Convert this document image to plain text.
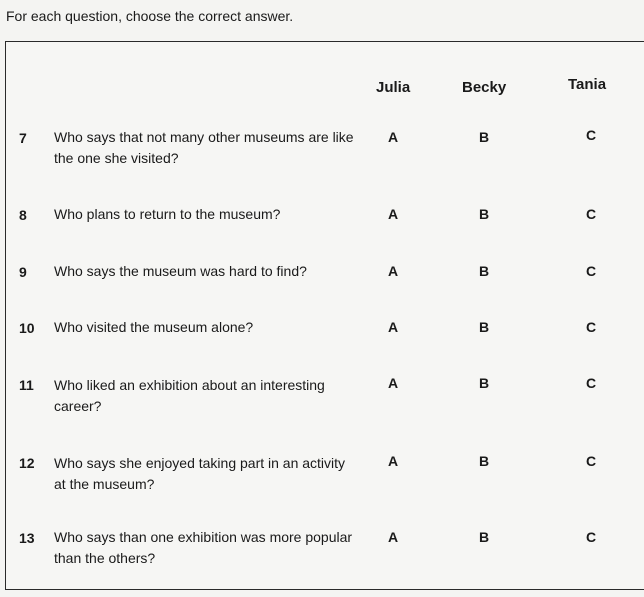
For each question, choose the correct answer.
Julia	Becky	Tania
7 Who says that not many other museums are like the one she visited?
A	B	C
8 Who plans to return to the museum?	A	B	C
9 Who says the museum was hard to find?	A	B	C
10 Who visited the museum alone?	A	B	C
11 Who liked an exhibition about an interesting career?
A	B	C
12 Who says she enjoyed taking part in an activity at the museum?
A	B	C
13 Who says than one exhibition was more popular than the others?
A	B	C
